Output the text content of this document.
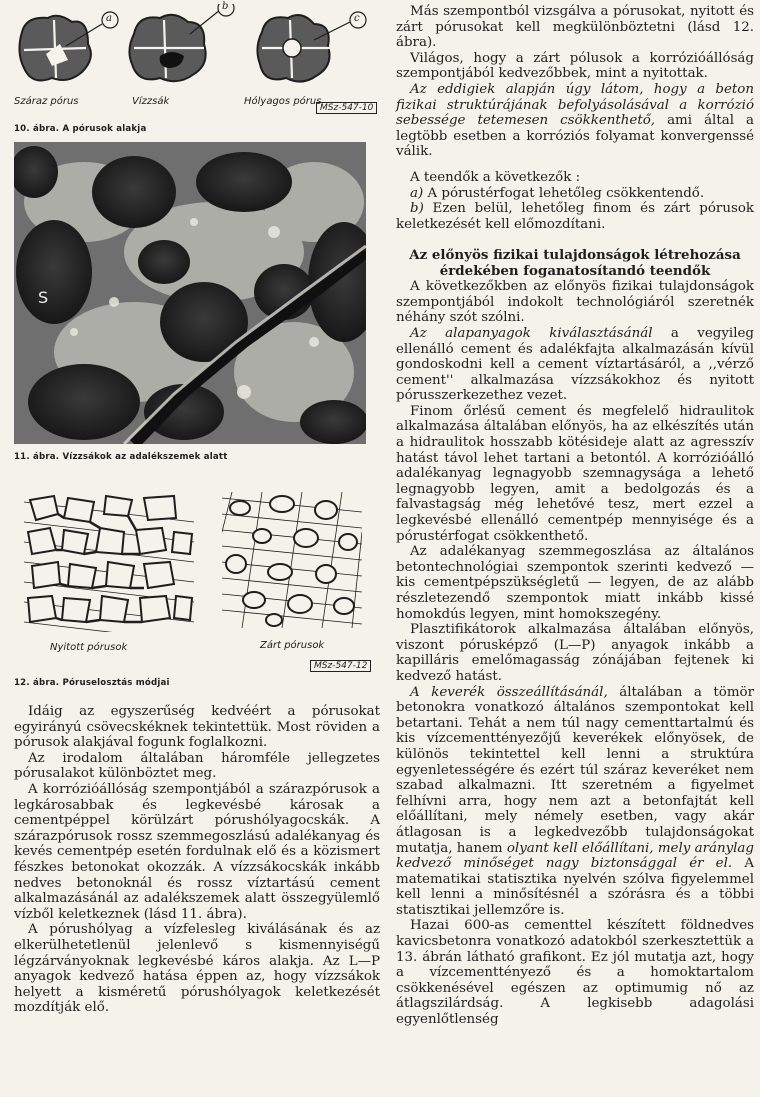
a
b
c
Száraz pórus	Vízzsák	Hólyagos pórus
MSz-547-10

10. ábra. A pórusok alakja

S

11. ábra. Vízzsákok az adalékszemek alatt

Nyitott pórusok	Zárt pórusok
MSz-547-12

12. ábra. Póruselosztás módjai

Idáig az egyszerűség kedvéért a pórusokat egyirányú csövecskéknek tekintettük. Most röviden a pórusok alakjával fogunk foglalkozni.

Az irodalom általában háromféle jellegzetes pórusalakot különböztet meg.

A korrózióállóság szempontjából a szárazpórusok a legkárosabbak és legkevésbé károsak a cementpéppel körülzárt pórushólyagocskák. A szárazpórusok rossz szemmegoszlású adalékanyag és kevés cementpép esetén fordulnak elő és a közismert fészkes betonokat okozzák. A vízzsákocskák inkább nedves betonoknál és rossz víztartású cement alkalmazásánál az adalékszemek alatt összegyülemlő vízből keletkeznek (lásd 11. ábra).

A pórushólyag a vízfelesleg kiválásának és az elkerülhetetlenül jelenlevő s kismennyiségű légzárványoknak legkevésbé káros alakja. Az L—P anyagok kedvező hatása éppen az, hogy vízzsákok helyett a kisméretű pórushólyagok keletkezését mozdítják elő.

Más szempontból vizsgálva a pórusokat, nyitott és zárt pórusokat kell megkülönböztetni (lásd 12. ábra).

Világos, hogy a zárt pólusok a korrózióállóság szempontjából kedvezőbbek, mint a nyitottak.

Az eddigiek alapján úgy látom, hogy a beton fizikai struktúrájának befolyásolásával a korrózió sebessége tetemesen csökkenthető, ami által a legtöbb esetben a korróziós folyamat konvergenssé válik.

A teendők a következők :

a) A pórustérfogat lehetőleg csökkentendő.

b) Ezen belül, lehetőleg finom és zárt pórusok keletkezését kell előmozdítani.

Az előnyös fizikai tulajdonságok létrehozása érdekében foganatosítandó teendők

A következőkben az előnyös fizikai tulajdonságok szempontjából indokolt technológiáról szeretnék néhány szót szólni.

Az alapanyagok kiválasztásánál a vegyileg ellenálló cement és adalékfajta alkalmazásán kívül gondoskodni kell a cement víztartásáról, a ,,vérző cement'' alkalmazása vízzsákokhoz és nyitott pórusszerkezethez vezet.

Finom őrlésű cement és megfelelő hidraulitok alkalmazása általában előnyös, ha az elkészítés után a hidraulitok hosszabb kötésideje alatt az agresszív hatást távol lehet tartani a betontól. A korrózióálló adalékanyag legnagyobb szemnagysága a lehető legnagyobb legyen, amit a bedolgozás és a falvastagság még lehetővé tesz, mert ezzel a legkevésbé ellenálló cementpép mennyisége és a pórustérfogat csökkenthető.

Az adalékanyag szemmegoszlása az általános betontechnológiai szempontok szerinti kedvező — kis cementpépszükségletű — legyen, de az alább részletezendő szempontok miatt inkább kissé homokdús legyen, mint homokszegény.

Plasztifikátorok alkalmazása általában előnyös, viszont pórusképző (L—P) anyagok inkább a kapilláris emelőmagasság zónájában fejtenek ki kedvező hatást.

A keverék összeállításánál, általában a tömör betonokra vonatkozó általános szempontokat kell betartani. Tehát a nem túl nagy cementtartalmú és kis vízcementtényezőjű keverékek előnyösek, de különös tekintettel kell lenni a struktúra egyenletességére és ezért túl száraz keveréket nem szabad alkalmazni. Itt szeretném a figyelmet felhívni arra, hogy nem azt a betonfajtát kell előállítani, mely némely esetben, vagy akár átlagosan is a legkedvezőbb tulajdonságokat mutatja, hanem olyant kell előállítani, mely aránylag kedvező minőséget nagy biztonsággal ér el. A matematikai statisztika nyelvén szólva figyelemmel kell lenni a minősítésnél a szórásra és a többi statisztikai jellemzőre is.

Hazai 600-as cementtel készített földnedves kavicsbetonra vonatkozó adatokból szerkesztettük a 13. ábrán látható grafikont. Ez jól mutatja azt, hogy a vízcementtényező és a homoktartalom csökkenésével egészen az optimumig nő az átlagszilárdság. A legkisebb adagolási egyenlőtlenség
